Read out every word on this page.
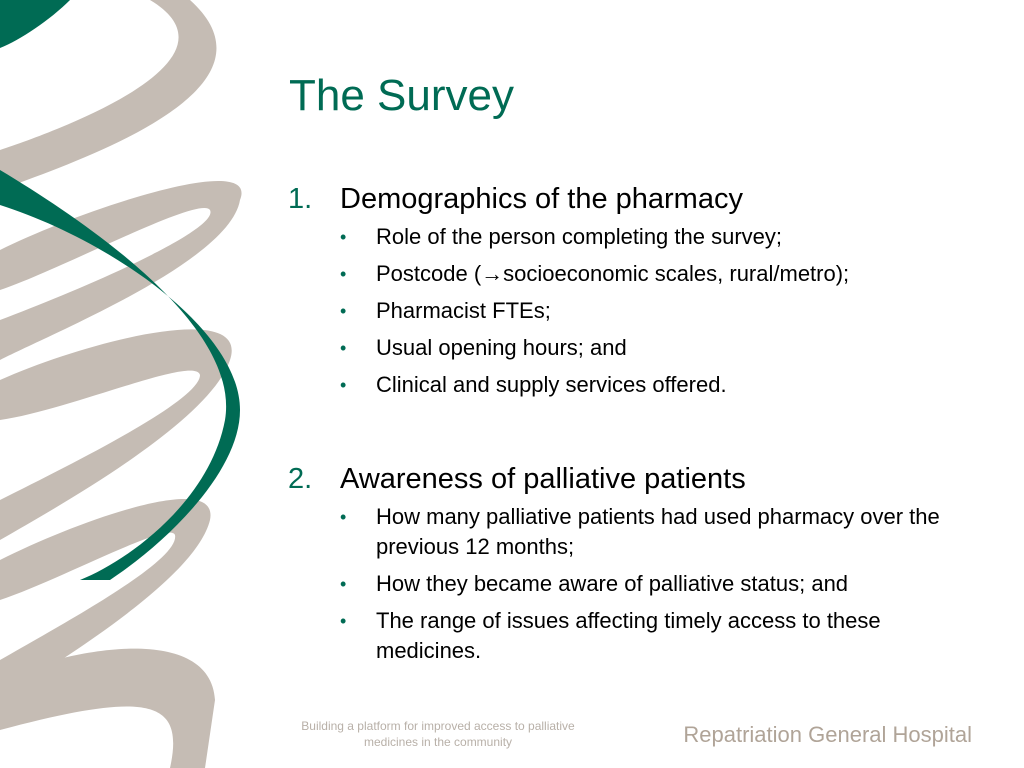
The Survey
1. Demographics of the pharmacy
•	Role of the person completing the survey;
•	Postcode (→socioeconomic scales, rural/metro);
•	Pharmacist FTEs;
•	Usual opening hours; and
•	Clinical and supply services offered.
2. Awareness of palliative patients
•	How many palliative patients had used pharmacy over the previous 12 months;
•	How they became aware of palliative status; and
•	The range of issues affecting timely access to these medicines.
Building a platform for improved access to palliative medicines in the community	Repatriation General Hospital
